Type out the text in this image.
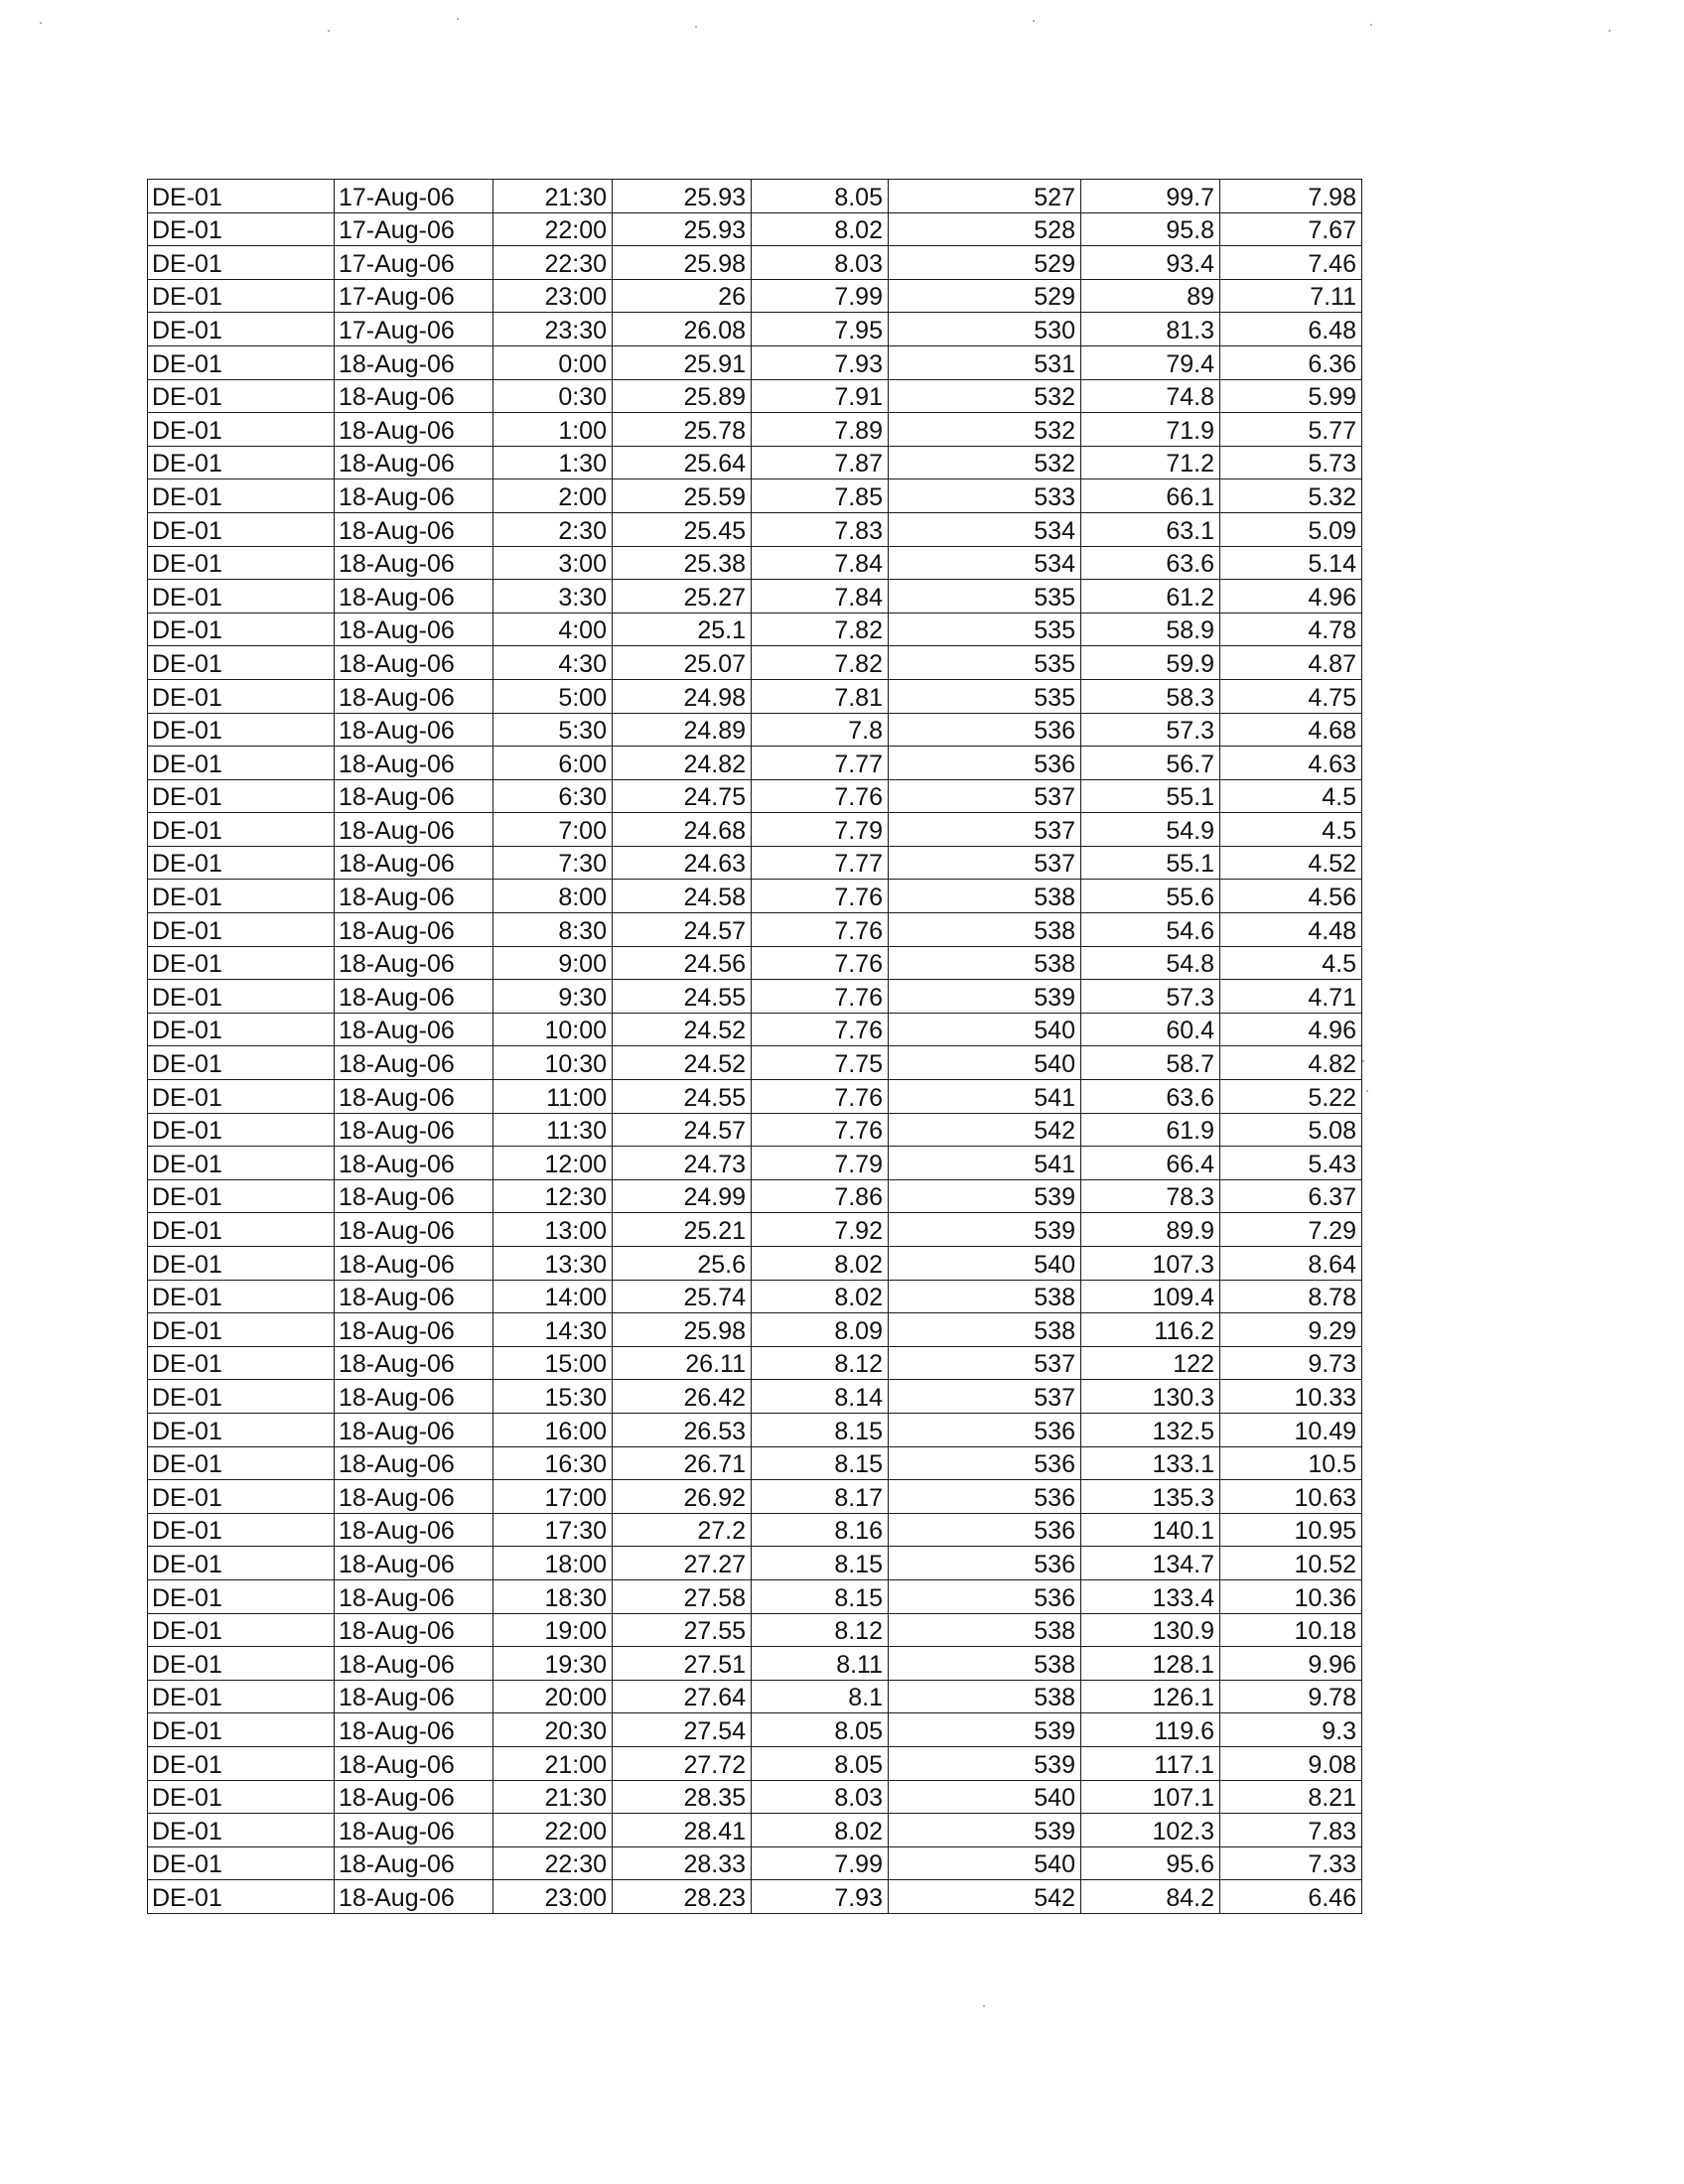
DE-01	17-Aug-06	21:30	25.93	8.05	527	99.7	7.98
DE-01	17-Aug-06	22:00	25.93	8.02	528	95.8	7.67
DE-01	17-Aug-06	22:30	25.98	8.03	529	93.4	7.46
DE-01	17-Aug-06	23:00	26	7.99	529	89	7.11
DE-01	17-Aug-06	23:30	26.08	7.95	530	81.3	6.48
DE-01	18-Aug-06	0:00	25.91	7.93	531	79.4	6.36
DE-01	18-Aug-06	0:30	25.89	7.91	532	74.8	5.99
DE-01	18-Aug-06	1:00	25.78	7.89	532	71.9	5.77
DE-01	18-Aug-06	1:30	25.64	7.87	532	71.2	5.73
DE-01	18-Aug-06	2:00	25.59	7.85	533	66.1	5.32
DE-01	18-Aug-06	2:30	25.45	7.83	534	63.1	5.09
DE-01	18-Aug-06	3:00	25.38	7.84	534	63.6	5.14
DE-01	18-Aug-06	3:30	25.27	7.84	535	61.2	4.96
DE-01	18-Aug-06	4:00	25.1	7.82	535	58.9	4.78
DE-01	18-Aug-06	4:30	25.07	7.82	535	59.9	4.87
DE-01	18-Aug-06	5:00	24.98	7.81	535	58.3	4.75
DE-01	18-Aug-06	5:30	24.89	7.8	536	57.3	4.68
DE-01	18-Aug-06	6:00	24.82	7.77	536	56.7	4.63
DE-01	18-Aug-06	6:30	24.75	7.76	537	55.1	4.5
DE-01	18-Aug-06	7:00	24.68	7.79	537	54.9	4.5
DE-01	18-Aug-06	7:30	24.63	7.77	537	55.1	4.52
DE-01	18-Aug-06	8:00	24.58	7.76	538	55.6	4.56
DE-01	18-Aug-06	8:30	24.57	7.76	538	54.6	4.48
DE-01	18-Aug-06	9:00	24.56	7.76	538	54.8	4.5
DE-01	18-Aug-06	9:30	24.55	7.76	539	57.3	4.71
DE-01	18-Aug-06	10:00	24.52	7.76	540	60.4	4.96
DE-01	18-Aug-06	10:30	24.52	7.75	540	58.7	4.82
DE-01	18-Aug-06	11:00	24.55	7.76	541	63.6	5.22
DE-01	18-Aug-06	11:30	24.57	7.76	542	61.9	5.08
DE-01	18-Aug-06	12:00	24.73	7.79	541	66.4	5.43
DE-01	18-Aug-06	12:30	24.99	7.86	539	78.3	6.37
DE-01	18-Aug-06	13:00	25.21	7.92	539	89.9	7.29
DE-01	18-Aug-06	13:30	25.6	8.02	540	107.3	8.64
DE-01	18-Aug-06	14:00	25.74	8.02	538	109.4	8.78
DE-01	18-Aug-06	14:30	25.98	8.09	538	116.2	9.29
DE-01	18-Aug-06	15:00	26.11	8.12	537	122	9.73
DE-01	18-Aug-06	15:30	26.42	8.14	537	130.3	10.33
DE-01	18-Aug-06	16:00	26.53	8.15	536	132.5	10.49
DE-01	18-Aug-06	16:30	26.71	8.15	536	133.1	10.5
DE-01	18-Aug-06	17:00	26.92	8.17	536	135.3	10.63
DE-01	18-Aug-06	17:30	27.2	8.16	536	140.1	10.95
DE-01	18-Aug-06	18:00	27.27	8.15	536	134.7	10.52
DE-01	18-Aug-06	18:30	27.58	8.15	536	133.4	10.36
DE-01	18-Aug-06	19:00	27.55	8.12	538	130.9	10.18
DE-01	18-Aug-06	19:30	27.51	8.11	538	128.1	9.96
DE-01	18-Aug-06	20:00	27.64	8.1	538	126.1	9.78
DE-01	18-Aug-06	20:30	27.54	8.05	539	119.6	9.3
DE-01	18-Aug-06	21:00	27.72	8.05	539	117.1	9.08
DE-01	18-Aug-06	21:30	28.35	8.03	540	107.1	8.21
DE-01	18-Aug-06	22:00	28.41	8.02	539	102.3	7.83
DE-01	18-Aug-06	22:30	28.33	7.99	540	95.6	7.33
DE-01	18-Aug-06	23:00	28.23	7.93	542	84.2	6.46
